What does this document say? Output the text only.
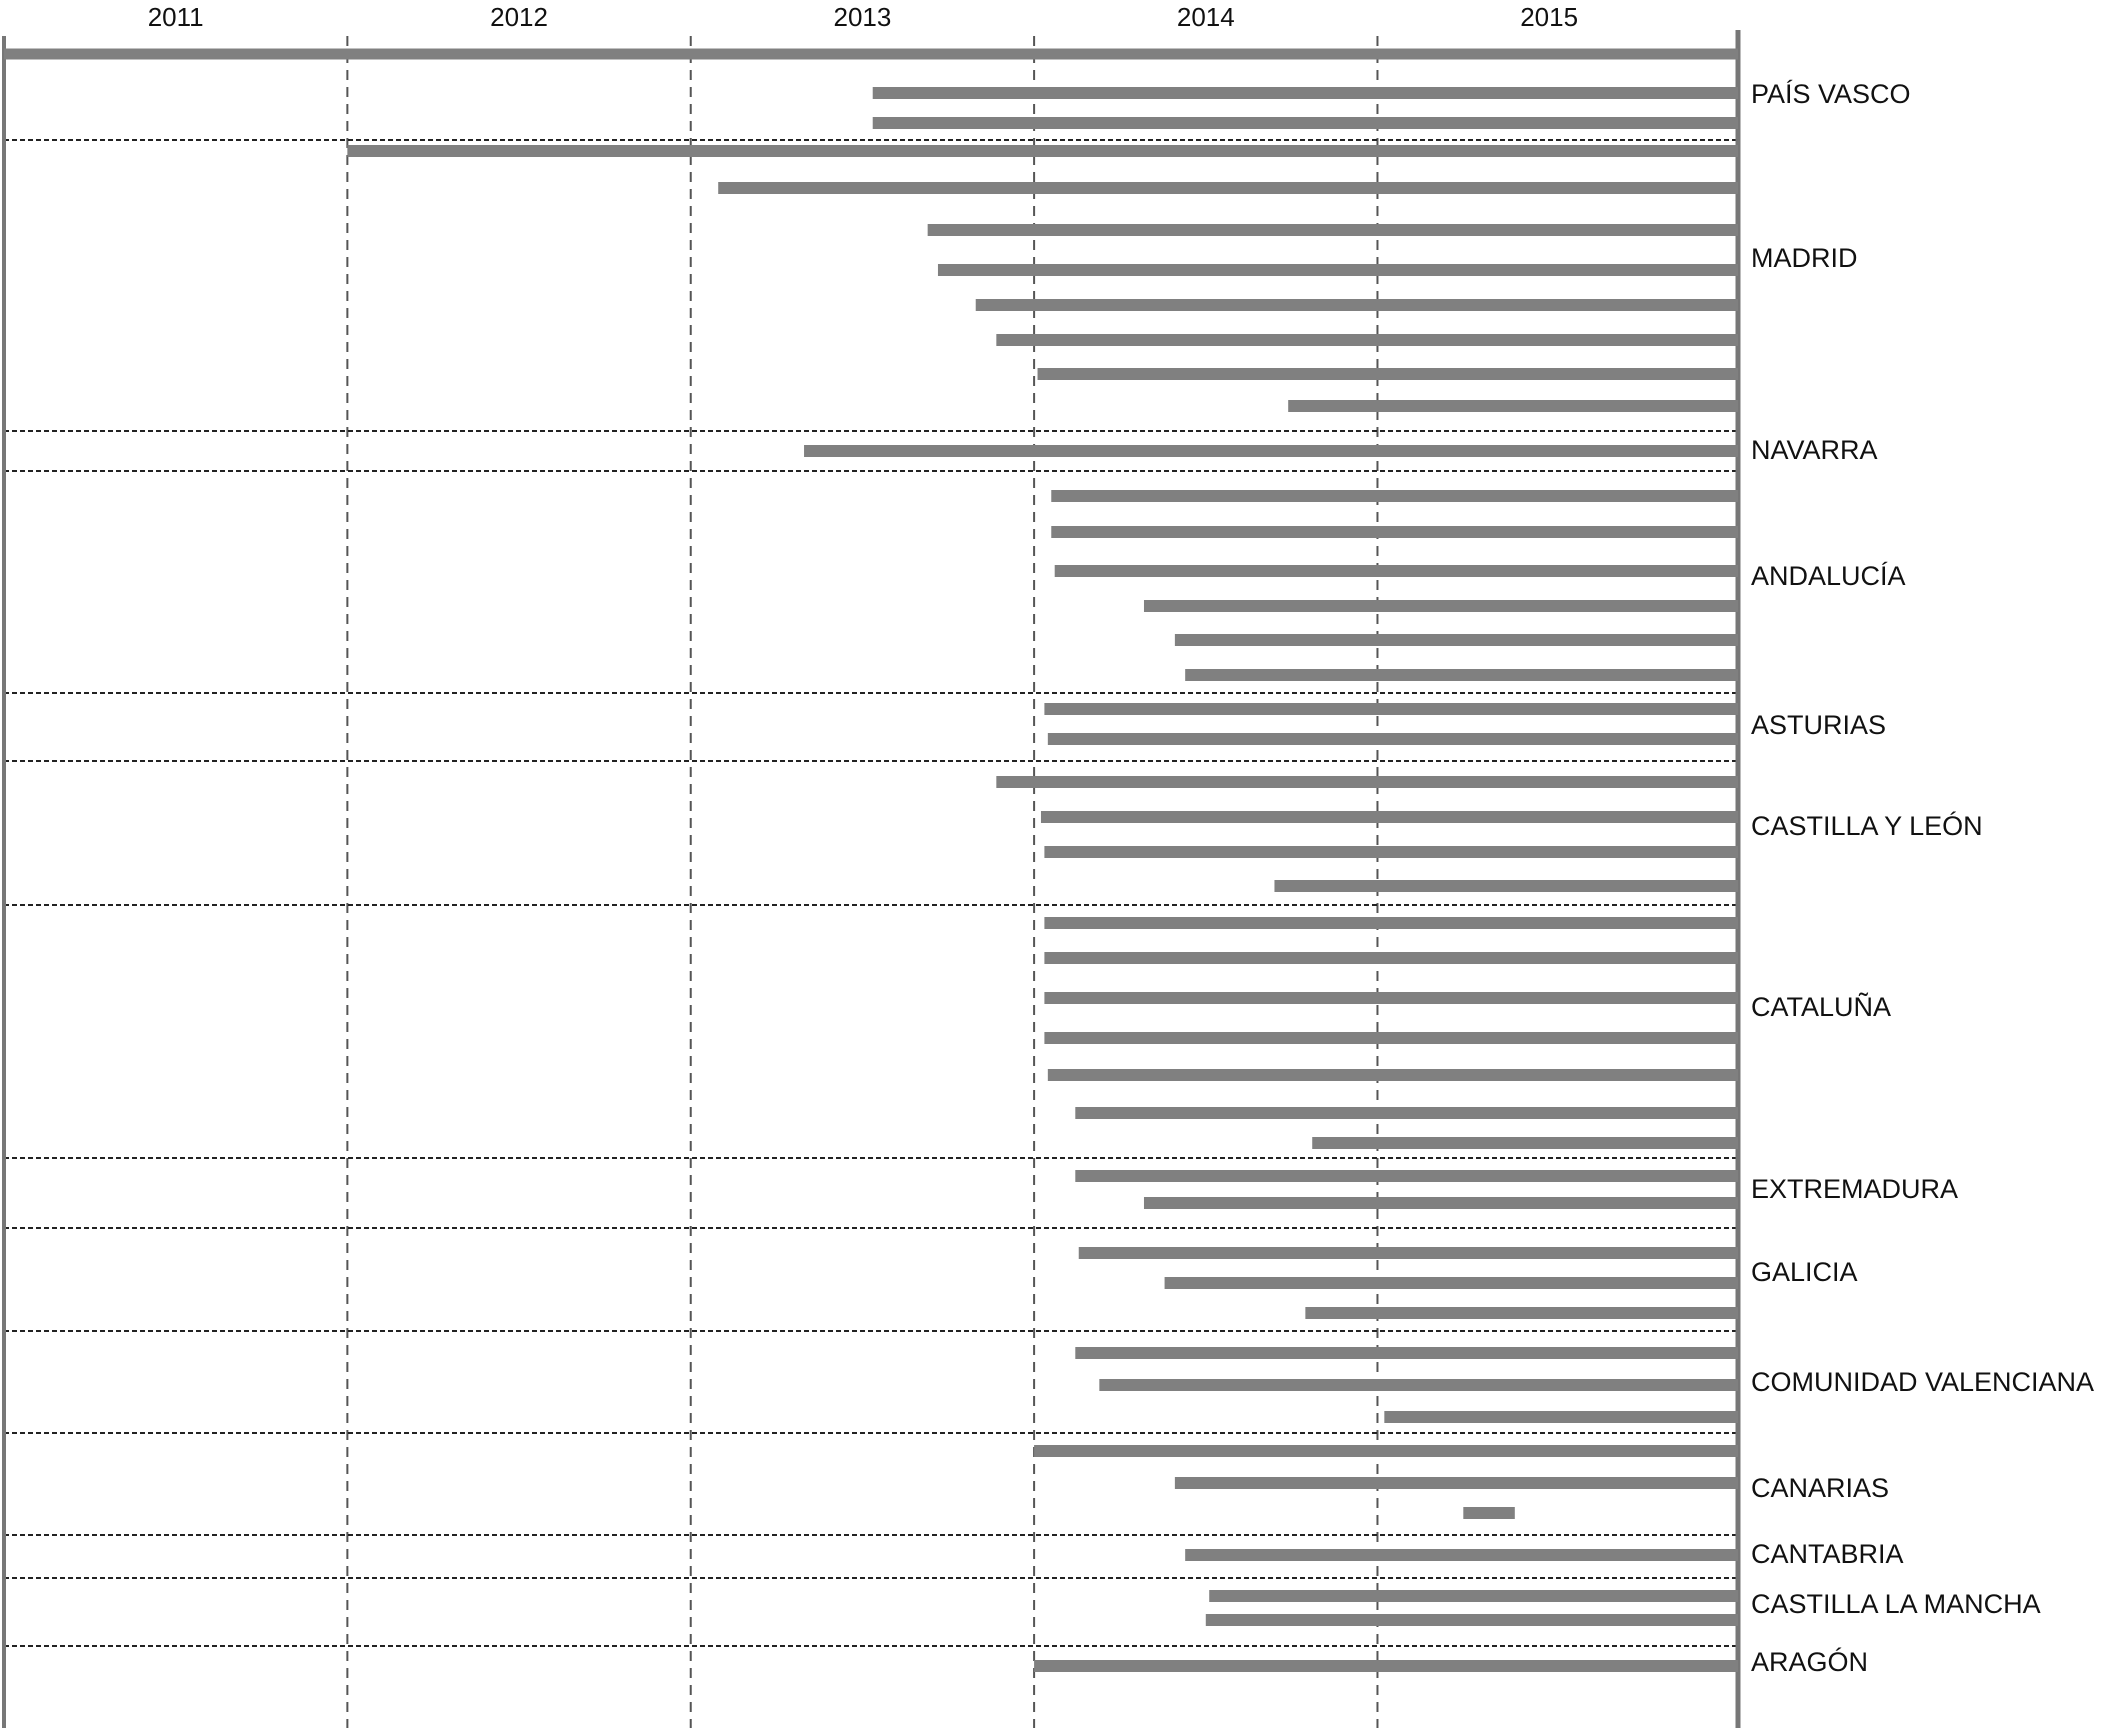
2011	2012	2013	2014	2015
PAÍS VASCO
MADRID
NAVARRA
ANDALUCÍA
ASTURIAS
CASTILLA Y LEÓN
CATALUÑA
EXTREMADURA
GALICIA
COMUNIDAD VALENCIANA
CANARIAS
CANTABRIA
CASTILLA LA MANCHA
ARAGÓN
